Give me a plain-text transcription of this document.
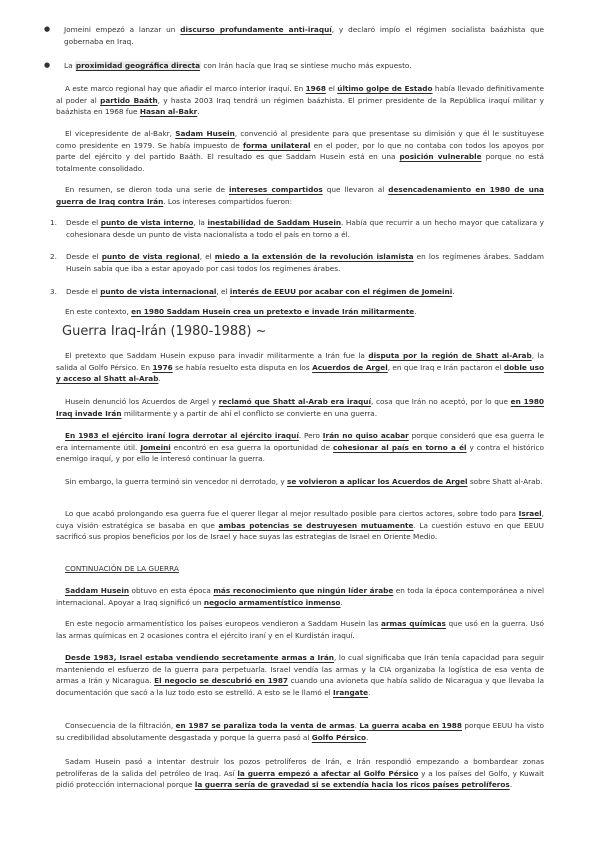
● Jomeini empezó a lanzar un discurso profundamente anti-iraquí, y declaró impío el régimen socialista baázhista que gobernaba en Iraq.

● La proximidad geográfica directa con Irán hacía que Iraq se sintiese mucho más expuesto.

A este marco regional hay que añadir el marco interior iraquí. En 1968 el último golpe de Estado había llevado definitivamente al poder al partido Baáth, y hasta 2003 Iraq tendrá un régimen baázhista. El primer presidente de la República iraquí militar y baázhista en 1968 fue Hasan al-Bakr.

El vicepresidente de al-Bakr, Sadam Husein, convenció al presidente para que presentase su dimisión y que él le sustituyese como presidente en 1979. Se había impuesto de forma unilateral en el poder, por lo que no contaba con todos los apoyos por parte del ejército y del partido Baáth. El resultado es que Saddam Husein está en una posición vulnerable porque no está totalmente consolidado.

En resumen, se dieron toda una serie de intereses compartidos que llevaron al desencadenamiento en 1980 de una guerra de Iraq contra Irán. Los intereses compartidos fueron:

1. Desde el punto de vista interno, la inestabilidad de Saddam Husein. Había que recurrir a un hecho mayor que catalizara y cohesionara desde un punto de vista nacionalista a todo el país en torno a él.

2. Desde el punto de vista regional, el miedo a la extensión de la revolución islamista en los regímenes árabes. Saddam Husein sabía que iba a estar apoyado por casi todos los regímenes árabes.

3. Desde el punto de vista internacional, el interés de EEUU por acabar con el régimen de Jomeini.

En este contexto, en 1980 Saddam Husein crea un pretexto e invade Irán militarmente.

Guerra Iraq-Irán (1980-1988) ~

El pretexto que Saddam Husein expuso para invadir militarmente a Irán fue la disputa por la región de Shatt al-Arab, la salida al Golfo Pérsico. En 1976 se había resuelto esta disputa en los Acuerdos de Argel, en que Iraq e Irán pactaron el doble uso y acceso al Shatt al-Arab.

Husein denunció los Acuerdos de Argel y reclamó que Shatt al-Arab era iraquí, cosa que Irán no aceptó, por lo que en 1980 Iraq invade Irán militarmente y a partir de ahí el conflicto se convierte en una guerra.

En 1983 el ejército iraní logra derrotar al ejército iraquí. Pero Irán no quiso acabar porque consideró que esa guerra le era internamente útil. Jomeini encontró en esa guerra la oportunidad de cohesionar al país en torno a él y contra el histórico enemigo iraquí, y por ello le interesó continuar la guerra.

Sin embargo, la guerra terminó sin vencedor ni derrotado, y se volvieron a aplicar los Acuerdos de Argel sobre Shatt al-Arab.

Lo que acabó prolongando esa guerra fue el querer llegar al mejor resultado posible para ciertos actores, sobre todo para Israel, cuya visión estratégica se basaba en que ambas potencias se destruyesen mutuamente. La cuestión estuvo en que EEUU sacrificó sus propios beneficios por los de Israel y hace suyas las estrategias de Israel en Oriente Medio.

CONTINUACIÓN DE LA GUERRA

Saddam Husein obtuvo en esta época más reconocimiento que ningún líder árabe en toda la época contemporánea a nivel internacional. Apoyar a Iraq significó un negocio armamentístico inmenso.

En este negocio armamentístico los países europeos vendieron a Saddam Husein las armas químicas que usó en la guerra. Usó las armas químicas en 2 ocasiones contra el ejército iraní y en el Kurdistán iraquí.

Desde 1983, Israel estaba vendiendo secretamente armas a Irán, lo cual significaba que Irán tenía capacidad para seguir manteniendo el esfuerzo de la guerra para perpetuarla. Israel vendía las armas y la CIA organizaba la logística de esa venta de armas a Irán y Nicaragua. El negocio se descubrió en 1987 cuando una avioneta que había salido de Nicaragua y que llevaba la documentación que sacó a la luz todo esto se estrelló. A esto se le llamó el Irangate.

Consecuencia de la filtración, en 1987 se paraliza toda la venta de armas. La guerra acaba en 1988 porque EEUU ha visto su credibilidad absolutamente desgastada y porque la guerra pasó al Golfo Pérsico.

Sadam Husein pasó a intentar destruir los pozos petrolíferos de Irán, e Irán respondió empezando a bombardear zonas petrolíferas de la salida del petróleo de Iraq. Así la guerra empezó a afectar al Golfo Pérsico y a los países del Golfo, y Kuwait pidió protección internacional porque la guerra sería de gravedad si se extendía hacia los ricos países petrolíferos.
